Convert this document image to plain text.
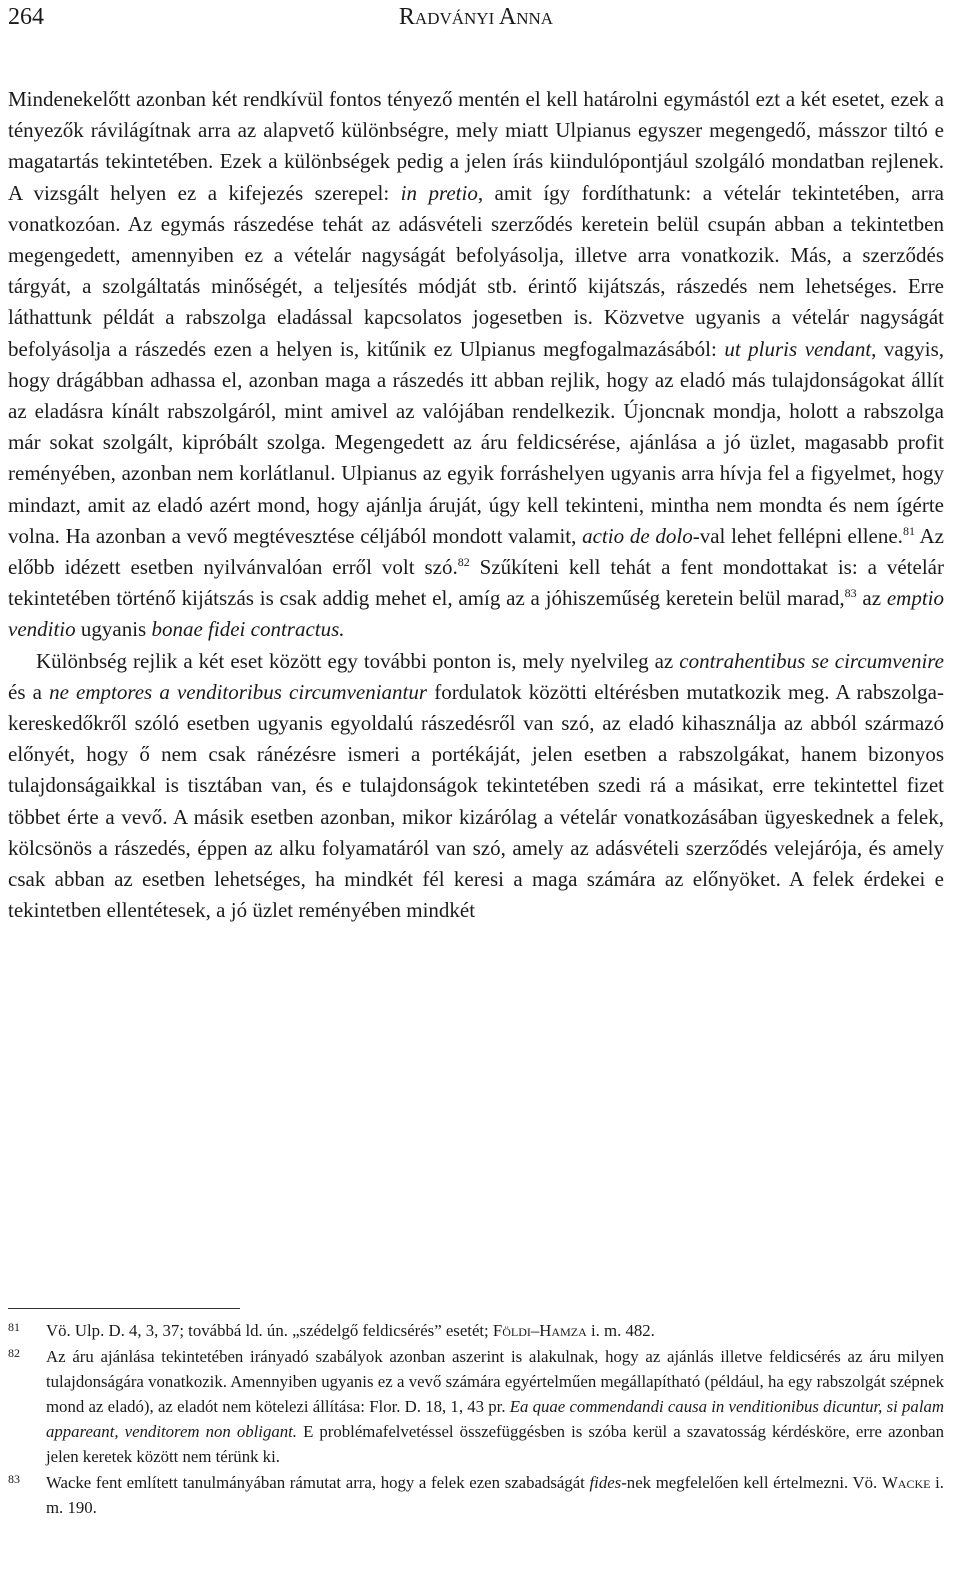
264	Radványi Anna

Mindenekelőtt azonban két rendkívül fontos tényező mentén el kell határolni egymástól ezt a két esetet, ezek a tényezők rávilágítnak arra az alapvető különbségre, mely miatt Ulpianus egyszer megengedő, másszor tiltó e magatartás tekintetében. Ezek a különbségek pedig a jelen írás kiindulópontjául szolgáló mondatban rejlenek. A vizsgált helyen ez a kifejezés szerepel: in pretio, amit így fordíthatunk: a vételár tekintetében, arra vonatkozóan. Az egymás rászedése tehát az adásvételi szerződés keretein belül csupán abban a tekintetben megengedett, amennyiben ez a vételár nagyságát befolyásolja, illetve arra vonatkozik. Más, a szerződés tárgyát, a szolgáltatás minőségét, a teljesítés módját stb. érintő kijátszás, rászedés nem lehetséges. Erre láthattunk példát a rabszolga eladással kapcsolatos jogesetben is. Közvetve ugyanis a vételár nagyságát befolyásolja a rászedés ezen a helyen is, kitűnik ez Ulpianus megfogalmazásából: ut pluris vendant, vagyis, hogy drágábban adhassa el, azonban maga a rászedés itt abban rejlik, hogy az eladó más tulajdonságokat állít az eladásra kínált rabszolgáról, mint amivel az valójában rendelkezik. Újoncnak mondja, holott a rabszolga már sokat szolgált, kipróbált szolga. Megengedett az áru feldicsérése, ajánlása a jó üzlet, magasabb profit reményében, azonban nem korlátlanul. Ulpianus az egyik forráshelyen ugyanis arra hívja fel a figyelmet, hogy mindazt, amit az eladó azért mond, hogy ajánlja áruját, úgy kell tekinteni, mintha nem mondta és nem ígérte volna. Ha azonban a vevő megtévesztése céljából mondott valamit, actio de dolo-val lehet fellépni ellene.$^{81}$ Az előbb idézett esetben nyilvánvalóan erről volt szó.$^{82}$ Szűkíteni kell tehát a fent mondottakat is: a vételár tekintetében történő kijátszás is csak addig mehet el, amíg az a jóhiszeműség keretein belül marad,$^{83}$ az emptio venditio ugyanis bonae fidei contractus.

Különbség rejlik a két eset között egy további ponton is, mely nyelvileg az contrahentibus se circumvenire és a ne emptores a venditoribus circumveniantur fordulatok közötti eltérésben mutatkozik meg. A rabszolga-kereskedőkről szóló esetben ugyanis egyoldalú rászedésről van szó, az eladó kihasználja az abból származó előnyét, hogy ő nem csak ránézésre ismeri a portékáját, jelen esetben a rabszolgákat, hanem bizonyos tulajdonságaikkal is tisztában van, és e tulajdonságok tekintetében szedi rá a másikat, erre tekintettel fizet többet érte a vevő. A másik esetben azonban, mikor kizárólag a vételár vonatkozásában ügyeskednek a felek, kölcsönös a rászedés, éppen az alku folyamatáról van szó, amely az adásvételi szerződés velejárója, és amely csak abban az esetben lehetséges, ha mindkét fél keresi a maga számára az előnyöket. A felek érdekei e tekintetben ellentétesek, a jó üzlet reményében mindkét

81 Vö. Ulp. D. 4, 3, 37; továbbá ld. ún. „szédelgő feldicsérés” esetét; Földi–Hamza i. m. 482.
82 Az áru ajánlása tekintetében irányadó szabályok azonban aszerint is alakulnak, hogy az ajánlás illetve feldicsérés az áru milyen tulajdonságára vonatkozik. Amennyiben ugyanis ez a vevő számára egyértelműen megállapítható (például, ha egy rabszolgát szépnek mond az eladó), az eladót nem kötelezi állítása: Flor. D. 18, 1, 43 pr. Ea quae commendandi causa in venditionibus dicuntur, si palam appareant, venditorem non obligant. E problémafelvetéssel összefüggésben is szóba kerül a szavatosság kérdésköre, erre azonban jelen keretek között nem térünk ki.
83 Wacke fent említett tanulmányában rámutat arra, hogy a felek ezen szabadságát fides-nek megfelelően kell értelmezni. Vö. Wacke i. m. 190.
